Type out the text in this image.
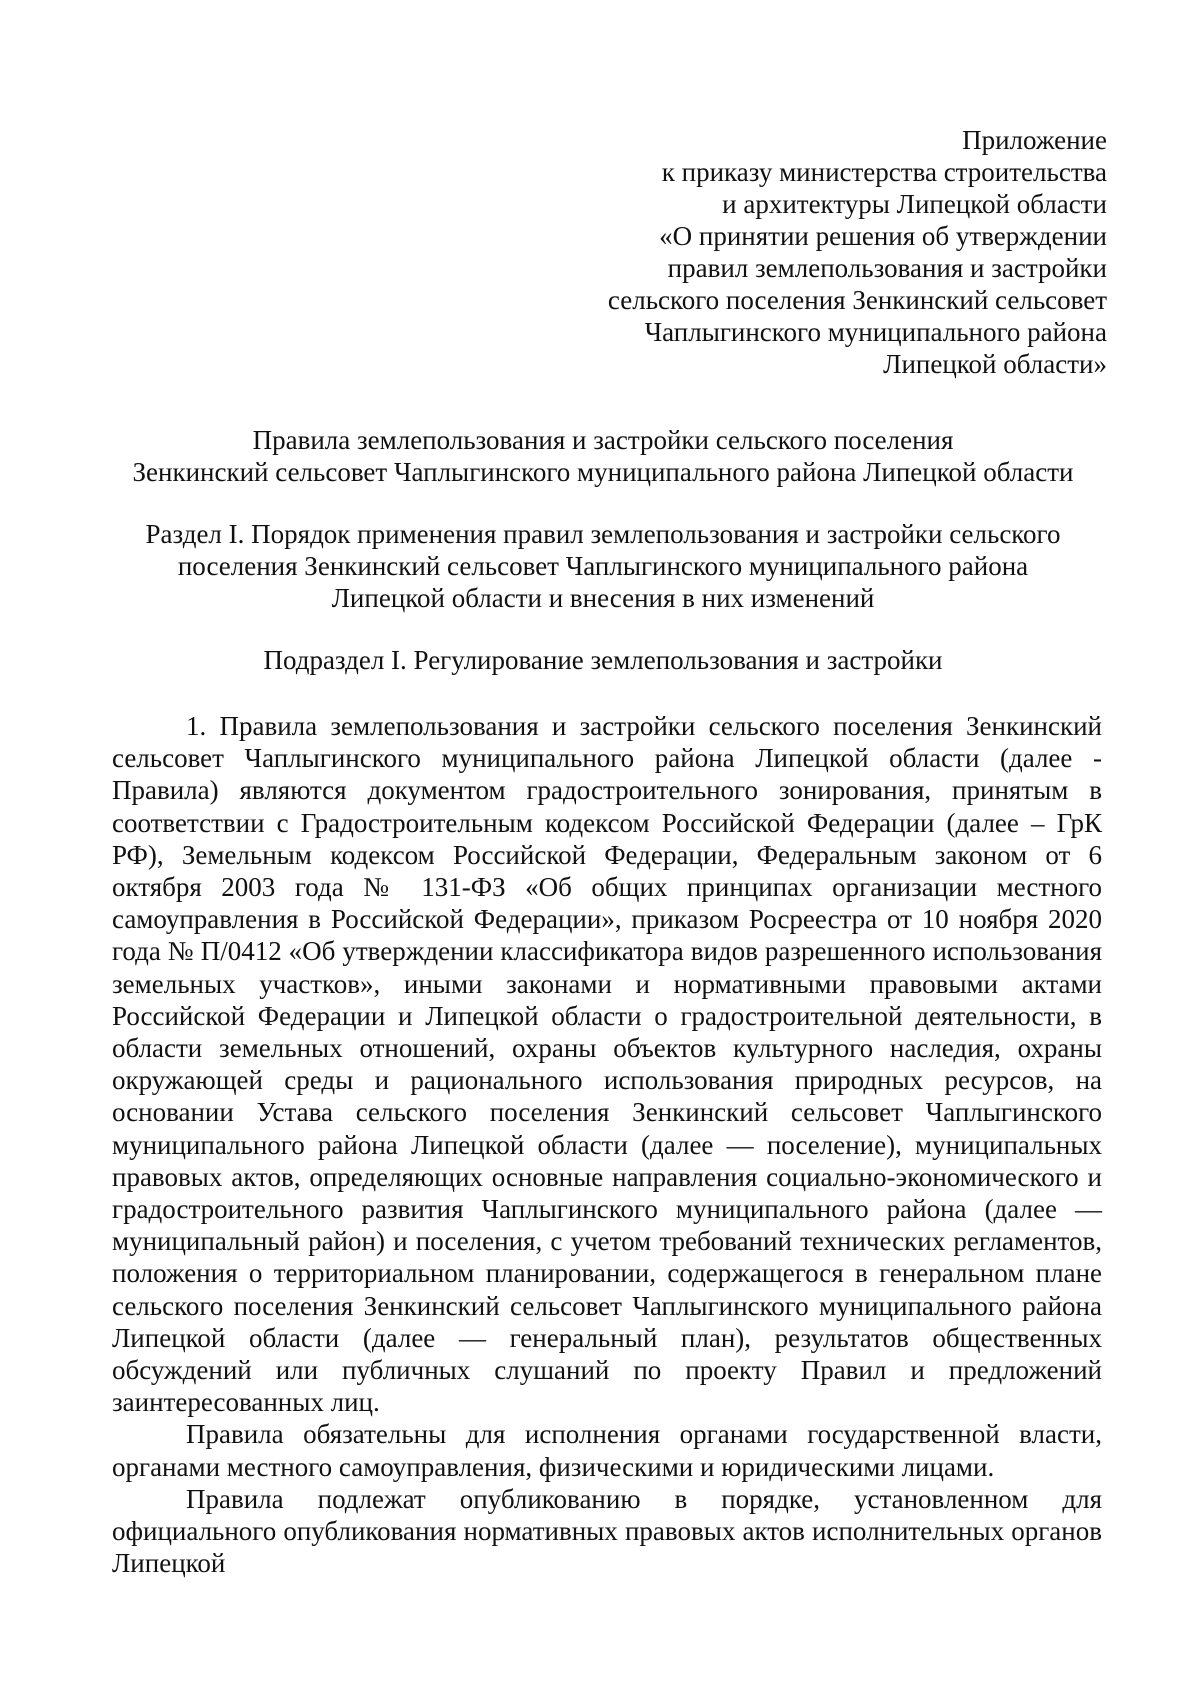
Приложение
к приказу министерства строительства
и архитектуры Липецкой области
«О принятии решения об утверждении
правил землепользования и застройки
сельского поселения Зенкинский сельсовет
Чаплыгинского муниципального района
Липецкой области»
Правила землепользования и застройки сельского поселения
Зенкинский сельсовет Чаплыгинского муниципального района Липецкой области
Раздел I. Порядок применения правил землепользования и застройки сельского
поселения Зенкинский сельсовет Чаплыгинского муниципального района
Липецкой области и внесения в них изменений
Подраздел I. Регулирование землепользования и застройки

1. Правила землепользования и застройки сельского поселения Зенкинский сельсовет Чаплыгинского муниципального района Липецкой области (далее - Правила) являются документом градостроительного зонирования, принятым в соответствии с Градостроительным кодексом Российской Федерации (далее – ГрК РФ), Земельным кодексом Российской Федерации, Федеральным законом от 6 октября 2003 года № 131-ФЗ «Об общих принципах организации местного самоуправления в Российской Федерации», приказом Росреестра от 10 ноября 2020 года № П/0412 «Об утверждении классификатора видов разрешенного использования земельных участков», иными законами и нормативными правовыми актами Российской Федерации и Липецкой области о градостроительной деятельности, в области земельных отношений, охраны объектов культурного наследия, охраны окружающей среды и рационального использования природных ресурсов, на основании Устава сельского поселения Зенкинский сельсовет Чаплыгинского муниципального района Липецкой области (далее — поселение), муниципальных правовых актов, определяющих основные направления социально-экономического и градостроительного развития Чаплыгинского муниципального района (далее — муниципальный район) и поселения, с учетом требований технических регламентов, положения о территориальном планировании, содержащегося в генеральном плане сельского поселения Зенкинский сельсовет Чаплыгинского муниципального района Липецкой области (далее — генеральный план), результатов общественных обсуждений или публичных слушаний по проекту Правил и предложений заинтересованных лиц.

Правила обязательны для исполнения органами государственной власти, органами местного самоуправления, физическими и юридическими лицами.

Правила подлежат опубликованию в порядке, установленном для официального опубликования нормативных правовых актов исполнительных органов Липецкой
